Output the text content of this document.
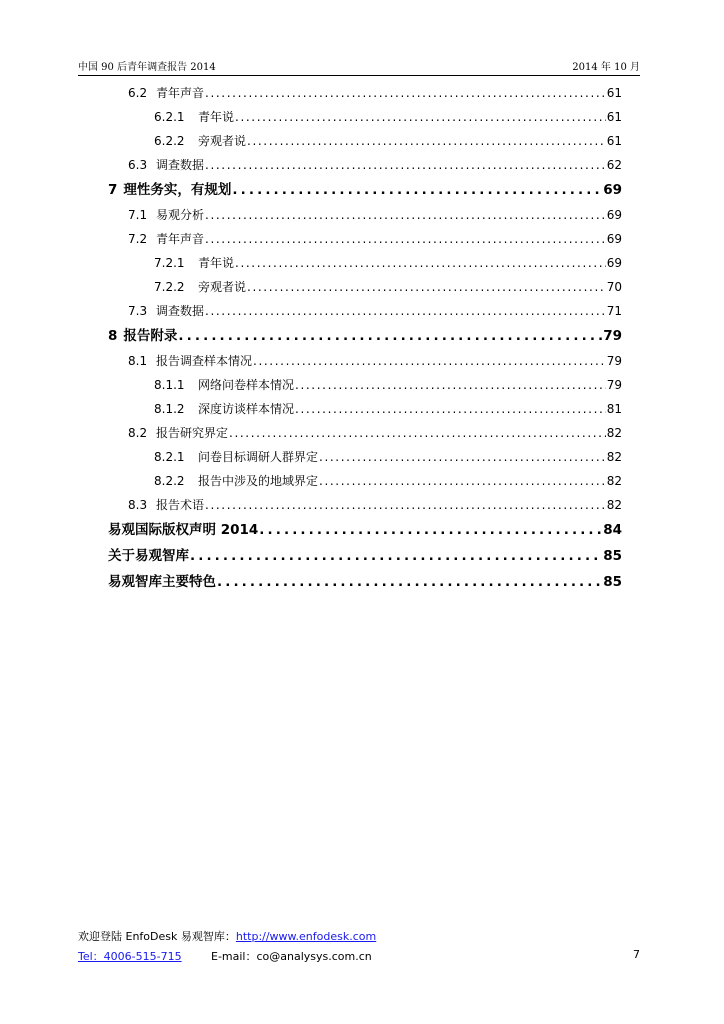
中国 90 后青年调查报告 2014	2014 年 10 月
6.2 青年声音 . . .	61
6.2.1	青年说 . . .	61
6.2.2	旁观者说 . . .	61
6.3 调查数据 . . .	62
7 理性务实，有规划 . . .	69
7.1 易观分析 . . .	69
7.2 青年声音 . . .	69
7.2.1	青年说 . . .	69
7.2.2	旁观者说 . . .	70
7.3 调查数据 . . .	71
8 报告附录 . . .	79
8.1 报告调查样本情况 . . .	79
8.1.1	网络问卷样本情况 . . .	79
8.1.2	深度访谈样本情况 . . .	81
8.2 报告研究界定 . . .	82
8.2.1	问卷目标调研人群界定 . . .	82
8.2.2	报告中涉及的地域界定 . . .	82
8.3 报告术语 . . .	82
易观国际版权声明 2014 . . .	84
关于易观智库 . . .	85
易观智库主要特色 . . .	85
欢迎登陆 EnfoDesk 易观智库：http://www.enfodesk.com
Tel：4006-515-715	E-mail：co@analysys.com.cn	7
